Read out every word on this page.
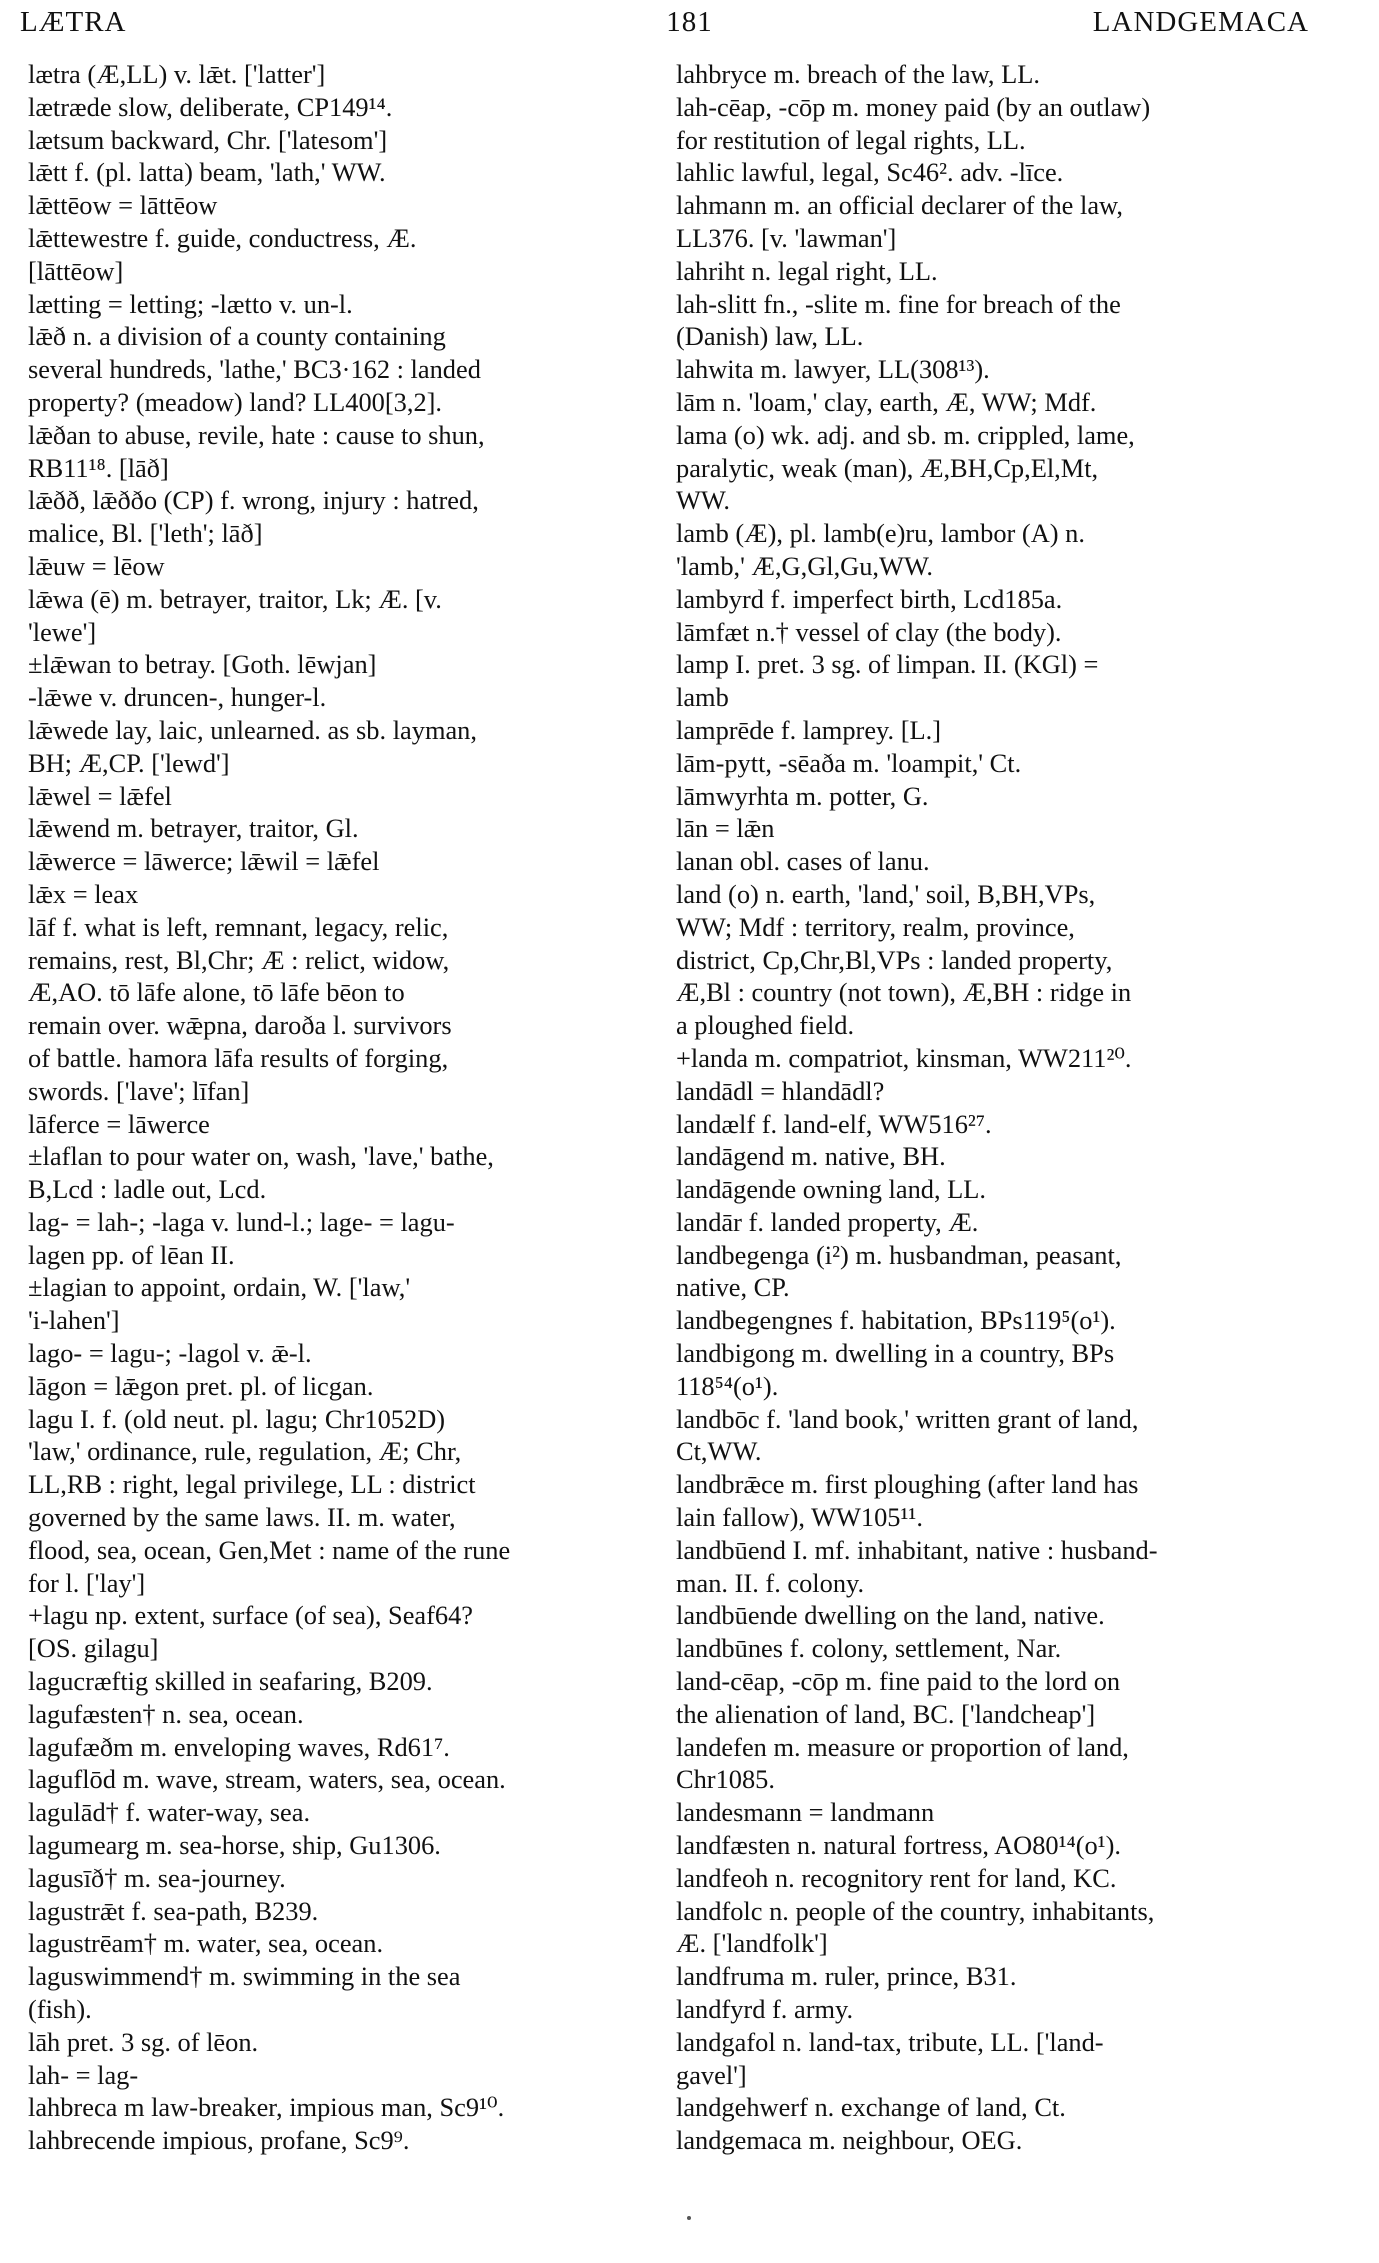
LÆTRA	181	LANDGEMACA
lætra (Æ,LL) v. lǣt. ['latter']
lætræde slow, deliberate, CP149¹⁴.
lætsum backward, Chr. ['latesom']
lǣtt f. (pl. latta) beam, 'lath,' WW.
lǣttēow = lāttēow
lǣttewestre f. guide, conductress, Æ.
[lāttēow]
lætting = letting; -lætto v. un-l.
lǣð n. a division of a county containing
several hundreds, 'lathe,' BC3·162 : landed
property? (meadow) land? LL400[3,2].
lǣðan to abuse, revile, hate : cause to shun,
RB11¹⁸. [lāð]
lǣðð, lǣððo (CP) f. wrong, injury : hatred,
malice, Bl. ['leth'; lāð]
lǣuw = lēow
lǣwa (ē) m. betrayer, traitor, Lk; Æ. [v.
'lewe']
±lǣwan to betray. [Goth. lēwjan]
-lǣwe v. druncen-, hunger-l.
lǣwede lay, laic, unlearned. as sb. layman,
BH; Æ,CP. ['lewd']
lǣwel = lǣfel
lǣwend m. betrayer, traitor, Gl.
lǣwerce = lāwerce; lǣwil = lǣfel
lǣx = leax
lāf f. what is left, remnant, legacy, relic,
remains, rest, Bl,Chr; Æ : relict, widow,
Æ,AO. tō lāfe alone, tō lāfe bēon to
remain over. wǣpna, daroða l. survivors
of battle. hamora lāfa results of forging,
swords. ['lave'; līfan]
lāferce = lāwerce
±laflan to pour water on, wash, 'lave,' bathe,
B,Lcd : ladle out, Lcd.
lag- = lah-; -laga v. lund-l.; lage- = lagu-
lagen pp. of lēan II.
±lagian to appoint, ordain, W. ['law,'
'i-lahen']
lago- = lagu-; -lagol v. ǣ-l.
lāgon = lǣgon pret. pl. of licgan.
lagu I. f. (old neut. pl. lagu; Chr1052D)
'law,' ordinance, rule, regulation, Æ; Chr,
LL,RB : right, legal privilege, LL : district
governed by the same laws. II. m. water,
flood, sea, ocean, Gen,Met : name of the rune
for l. ['lay']
+lagu np. extent, surface (of sea), Seaf64?
[OS. gilagu]
lagucræftig skilled in seafaring, B209.
lagufæsten† n. sea, ocean.
lagufæðm m. enveloping waves, Rd61⁷.
laguflōd m. wave, stream, waters, sea, ocean.
lagulād† f. water-way, sea.
lagumearg m. sea-horse, ship, Gu1306.
lagusīð† m. sea-journey.
lagustrǣt f. sea-path, B239.
lagustrēam† m. water, sea, ocean.
laguswimmend† m. swimming in the sea
(fish).
lāh pret. 3 sg. of lēon.
lah- = lag-
lahbreca m law-breaker, impious man, Sc9¹⁰.
lahbrecende impious, profane, Sc9⁹.
lahbryce m. breach of the law, LL.
lah-cēap, -cōp m. money paid (by an outlaw)
for restitution of legal rights, LL.
lahlic lawful, legal, Sc46². adv. -līce.
lahmann m. an official declarer of the law,
LL376. [v. 'lawman']
lahriht n. legal right, LL.
lah-slitt fn., -slite m. fine for breach of the
(Danish) law, LL.
lahwita m. lawyer, LL(308¹³).
lām n. 'loam,' clay, earth, Æ, WW; Mdf.
lama (o) wk. adj. and sb. m. crippled, lame,
paralytic, weak (man), Æ,BH,Cp,El,Mt,
WW.
lamb (Æ), pl. lamb(e)ru, lambor (A) n.
'lamb,' Æ,G,Gl,Gu,WW.
lambyrd f. imperfect birth, Lcd185a.
lāmfæt n.† vessel of clay (the body).
lamp I. pret. 3 sg. of limpan. II. (KGl) =
lamb
lamprēde f. lamprey. [L.]
lām-pytt, -sēaða m. 'loampit,' Ct.
lāmwyrhta m. potter, G.
lān = lǣn
lanan obl. cases of lanu.
land (o) n. earth, 'land,' soil, B,BH,VPs,
WW; Mdf : territory, realm, province,
district, Cp,Chr,Bl,VPs : landed property,
Æ,Bl : country (not town), Æ,BH : ridge in
a ploughed field.
+landa m. compatriot, kinsman, WW211²⁰.
landādl = hlandādl?
landælf f. land-elf, WW516²⁷.
landāgend m. native, BH.
landāgende owning land, LL.
landār f. landed property, Æ.
landbegenga (i²) m. husbandman, peasant,
native, CP.
landbegengnes f. habitation, BPs119⁵(o¹).
landbigong m. dwelling in a country, BPs
118⁵⁴(o¹).
landbōc f. 'land book,' written grant of land,
Ct,WW.
landbrǣce m. first ploughing (after land has
lain fallow), WW105¹¹.
landbūend I. mf. inhabitant, native : husband-
man. II. f. colony.
landbūende dwelling on the land, native.
landbūnes f. colony, settlement, Nar.
land-cēap, -cōp m. fine paid to the lord on
the alienation of land, BC. ['landcheap']
landefen m. measure or proportion of land,
Chr1085.
landesmann = landmann
landfæsten n. natural fortress, AO80¹⁴(o¹).
landfeoh n. recognitory rent for land, KC.
landfolc n. people of the country, inhabitants,
Æ. ['landfolk']
landfruma m. ruler, prince, B31.
landfyrd f. army.
landgafol n. land-tax, tribute, LL. ['land-
gavel']
landgehwerf n. exchange of land, Ct.
landgemaca m. neighbour, OEG.
